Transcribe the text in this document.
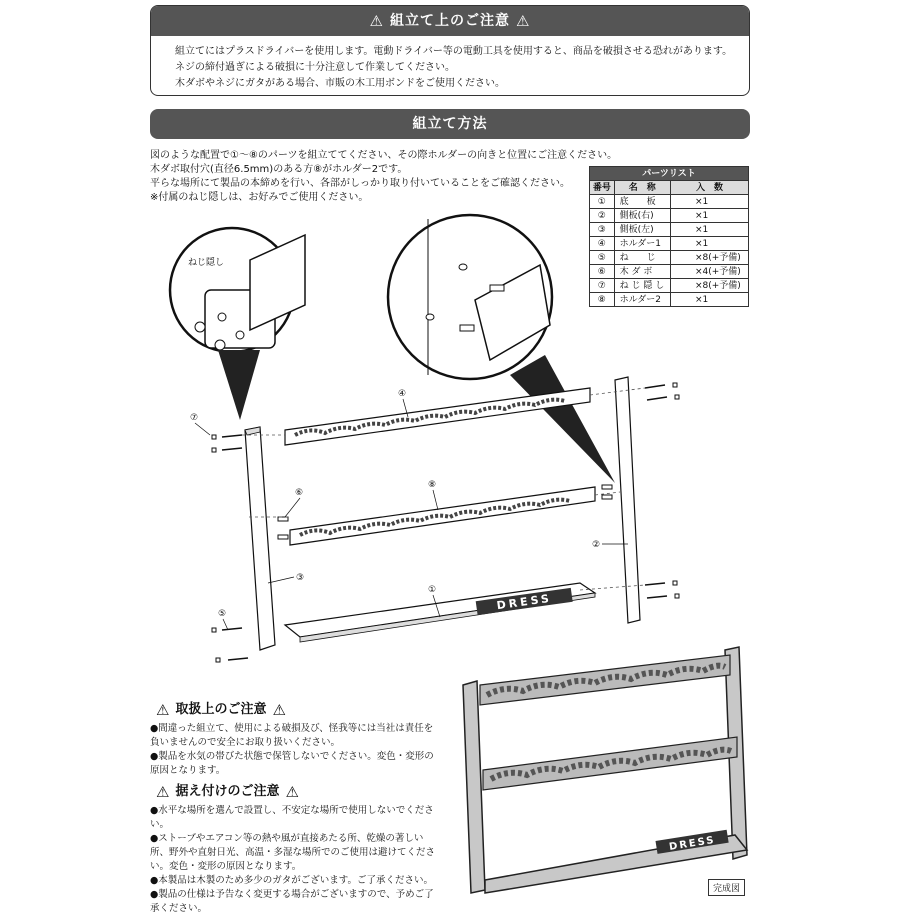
⚠ 組立て上のご注意 ⚠
組立てにはプラスドライバーを使用します。電動ドライバー等の電動工具を使用すると、商品を破損させる恐れがあります。
ネジの締付過ぎによる破損に十分注意して作業してください。
木ダボやネジにガタがある場合、市販の木工用ボンドをご使用ください。
組立て方法
図のような配置で①〜⑧のパーツを組立ててください、その際ホルダーの向きと位置にご注意ください。
木ダボ取付穴(直径6.5mm)のある方⑧がホルダー2です。
平らな場所にて製品の本締めを行い、各部がしっかり取り付いていることをご確認ください。
※付属のねじ隠しは、お好みでご使用ください。
パーツリスト		
番号	名　称	入　数
①	底　　板	×1
②	側板(右)	×1
③	側板(左)	×1
④	ホルダー1	×1
⑤	ね　　じ	×8(+予備)
⑥	木 ダ ボ	×4(+予備)
⑦	ね じ 隠 し	×8(+予備)
⑧	ホルダー2	×1
ねじ隠し
DRESS
①
②
③
④
⑤
⑥
⑦
⑧
⚠ 取扱上のご注意 ⚠
●間違った組立て、使用による破損及び、怪我等には当社は責任を負いませんので安全にお取り扱いください。
●製品を水気の帯びた状態で保管しないでください。変色・変形の原因となります。
⚠ 据え付けのご注意 ⚠
●水平な場所を選んで設置し、不安定な場所で使用しないでください。
●ストーブやエアコン等の熱や風が直接あたる所、乾燥の著しい所、野外や直射日光、高温・多湿な場所でのご使用は避けてください。変色・変形の原因となります。
●本製品は木製のため多少のガタがございます。ご了承ください。
●製品の仕様は予告なく変更する場合がございますので、予めご了承ください。
DRESS
完成図
